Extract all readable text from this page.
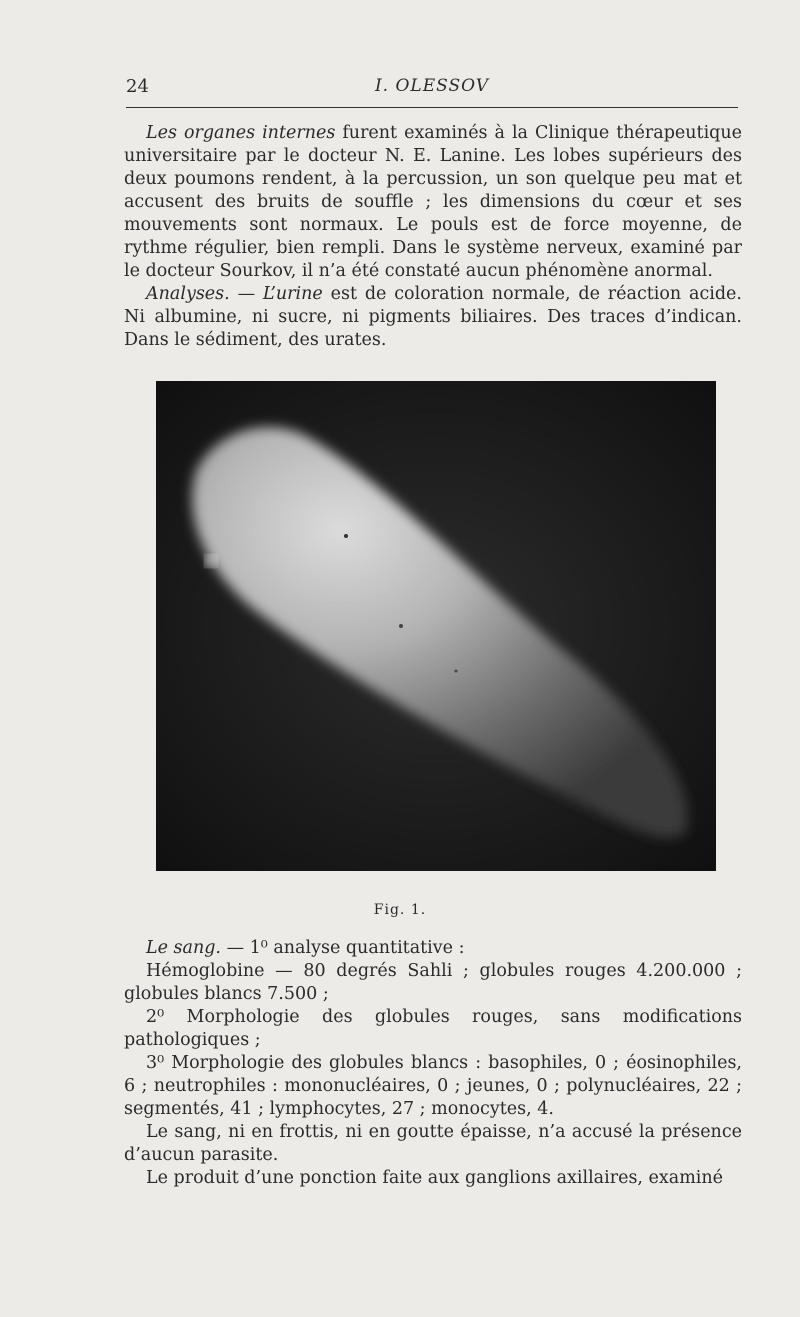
24	I. OLESSOV

Les organes internes furent examinés à la Clinique thérapeutique universitaire par le docteur N. E. Lanine. Les lobes supérieurs des deux poumons rendent, à la percussion, un son quelque peu mat et accusent des bruits de souffle ; les dimensions du cœur et ses mouvements sont normaux. Le pouls est de force moyenne, de rythme régulier, bien rempli. Dans le système nerveux, examiné par le docteur Sourkov, il n’a été constaté aucun phénomène anormal.

Analyses. — L’urine est de coloration normale, de réaction acide. Ni albumine, ni sucre, ni pigments biliaires. Des traces d’indican. Dans le sédiment, des urates.

Fig. 1.

Le sang. — 1⁰ analyse quantitative :

Hémoglobine — 80 degrés Sahli ; globules rouges 4.200.000 ; globules blancs 7.500 ;

2⁰ Morphologie des globules rouges, sans modifications pathologiques ;

3⁰ Morphologie des globules blancs : basophiles, 0 ; éosinophiles, 6 ; neutrophiles : mononucléaires, 0 ; jeunes, 0 ; polynucléaires, 22 ; segmentés, 41 ; lymphocytes, 27 ; monocytes, 4.

Le sang, ni en frottis, ni en goutte épaisse, n’a accusé la présence d’aucun parasite.

Le produit d’une ponction faite aux ganglions axillaires, examiné
